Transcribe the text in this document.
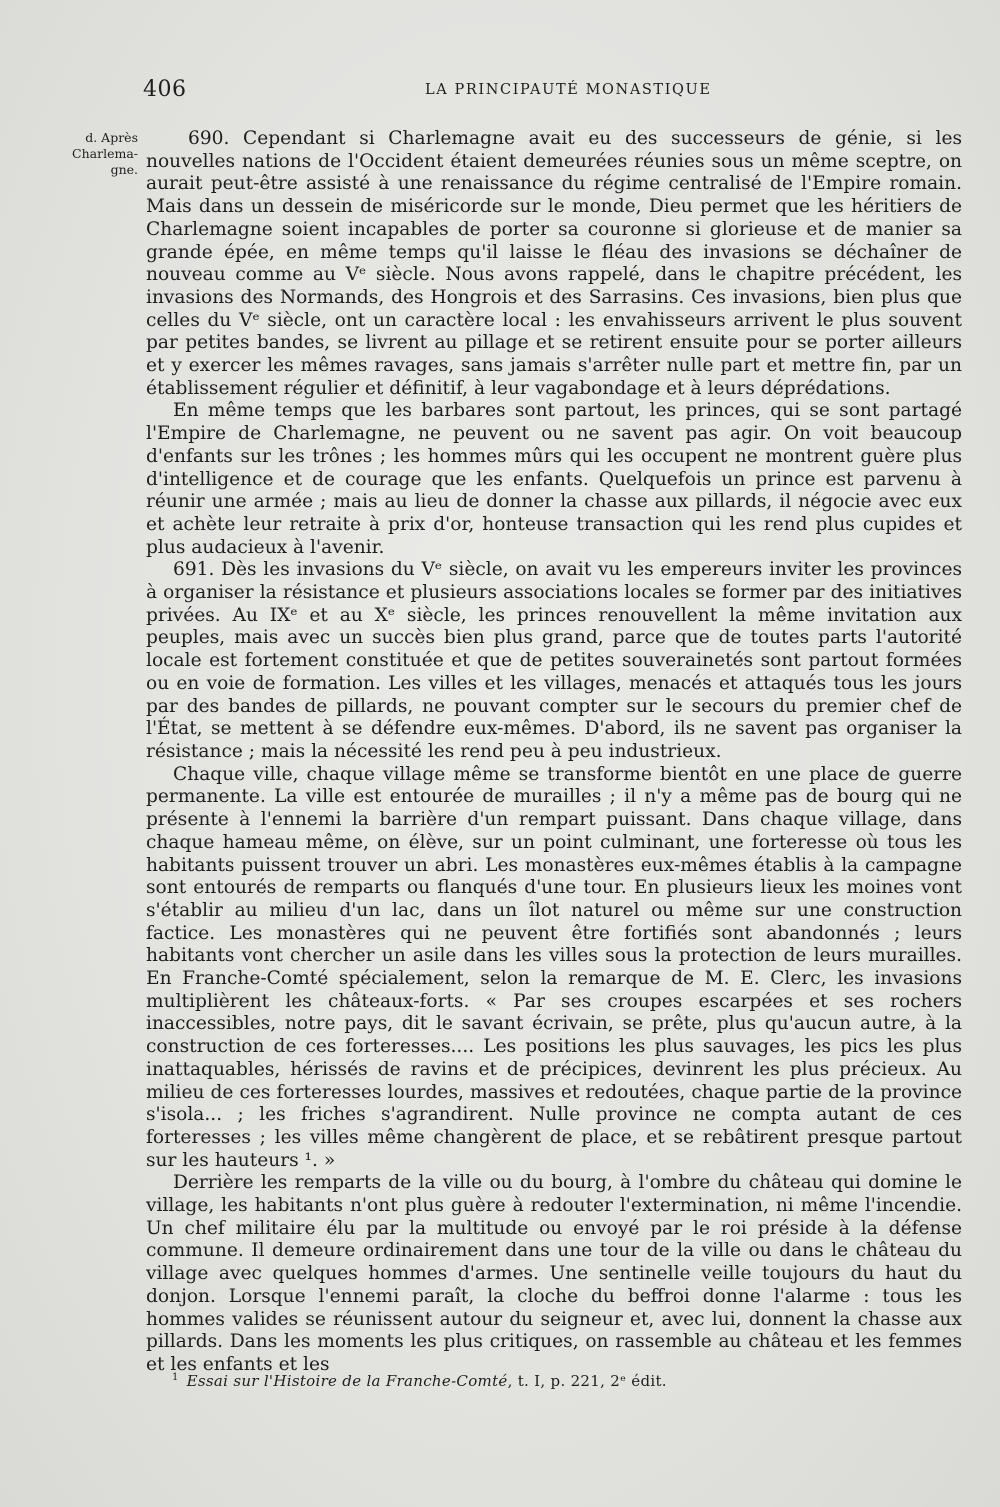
406	LA PRINCIPAUTÉ MONASTIQUE
d. Après
Charlema-
gne.

690. Cependant si Charlemagne avait eu des successeurs de génie, si les nouvelles nations de l'Occident étaient demeurées réunies sous un même sceptre, on aurait peut-être assisté à une renaissance du régime centralisé de l'Empire romain. Mais dans un dessein de miséricorde sur le monde, Dieu permet que les héritiers de Charlemagne soient incapables de porter sa couronne si glorieuse et de manier sa grande épée, en même temps qu'il laisse le fléau des invasions se déchaîner de nouveau comme au Vᵉ siècle. Nous avons rappelé, dans le chapitre précédent, les invasions des Normands, des Hongrois et des Sarrasins. Ces invasions, bien plus que celles du Vᵉ siècle, ont un caractère local : les envahisseurs arrivent le plus souvent par petites bandes, se livrent au pillage et se retirent ensuite pour se porter ailleurs et y exercer les mêmes ravages, sans jamais s'arrêter nulle part et mettre fin, par un établissement régulier et définitif, à leur vagabondage et à leurs déprédations.

En même temps que les barbares sont partout, les princes, qui se sont partagé l'Empire de Charlemagne, ne peuvent ou ne savent pas agir. On voit beaucoup d'enfants sur les trônes ; les hommes mûrs qui les occupent ne montrent guère plus d'intelligence et de courage que les enfants. Quelquefois un prince est parvenu à réunir une armée ; mais au lieu de donner la chasse aux pillards, il négocie avec eux et achète leur retraite à prix d'or, honteuse transaction qui les rend plus cupides et plus audacieux à l'avenir.

691. Dès les invasions du Vᵉ siècle, on avait vu les empereurs inviter les provinces à organiser la résistance et plusieurs associations locales se former par des initiatives privées. Au IXᵉ et au Xᵉ siècle, les princes renouvellent la même invitation aux peuples, mais avec un succès bien plus grand, parce que de toutes parts l'autorité locale est fortement constituée et que de petites souverainetés sont partout formées ou en voie de formation. Les villes et les villages, menacés et attaqués tous les jours par des bandes de pillards, ne pouvant compter sur le secours du premier chef de l'État, se mettent à se défendre eux-mêmes. D'abord, ils ne savent pas organiser la résistance ; mais la nécessité les rend peu à peu industrieux.

Chaque ville, chaque village même se transforme bientôt en une place de guerre permanente. La ville est entourée de murailles ; il n'y a même pas de bourg qui ne présente à l'ennemi la barrière d'un rempart puissant. Dans chaque village, dans chaque hameau même, on élève, sur un point culminant, une forteresse où tous les habitants puissent trouver un abri. Les monastères eux-mêmes établis à la campagne sont entourés de remparts ou flanqués d'une tour. En plusieurs lieux les moines vont s'établir au milieu d'un lac, dans un îlot naturel ou même sur une construction factice. Les monastères qui ne peuvent être fortifiés sont abandonnés ; leurs habitants vont chercher un asile dans les villes sous la protection de leurs murailles. En Franche-Comté spécialement, selon la remarque de M. E. Clerc, les invasions multiplièrent les châteaux-forts. « Par ses croupes escarpées et ses rochers inaccessibles, notre pays, dit le savant écrivain, se prête, plus qu'aucun autre, à la construction de ces forteresses.... Les positions les plus sauvages, les pics les plus inattaquables, hérissés de ravins et de précipices, devinrent les plus précieux. Au milieu de ces forteresses lourdes, massives et redoutées, chaque partie de la province s'isola... ; les friches s'agrandirent. Nulle province ne compta autant de ces forteresses ; les villes même changèrent de place, et se rebâtirent presque partout sur les hauteurs ¹. »

Derrière les remparts de la ville ou du bourg, à l'ombre du château qui domine le village, les habitants n'ont plus guère à redouter l'extermination, ni même l'incendie. Un chef militaire élu par la multitude ou envoyé par le roi préside à la défense commune. Il demeure ordinairement dans une tour de la ville ou dans le château du village avec quelques hommes d'armes. Une sentinelle veille toujours du haut du donjon. Lorsque l'ennemi paraît, la cloche du beffroi donne l'alarme : tous les hommes valides se réunissent autour du seigneur et, avec lui, donnent la chasse aux pillards. Dans les moments les plus critiques, on rassemble au château et les femmes et les enfants et les

$^1$ Essai sur l'Histoire de la Franche-Comté, t. I, p. 221, 2ᵉ édit.
